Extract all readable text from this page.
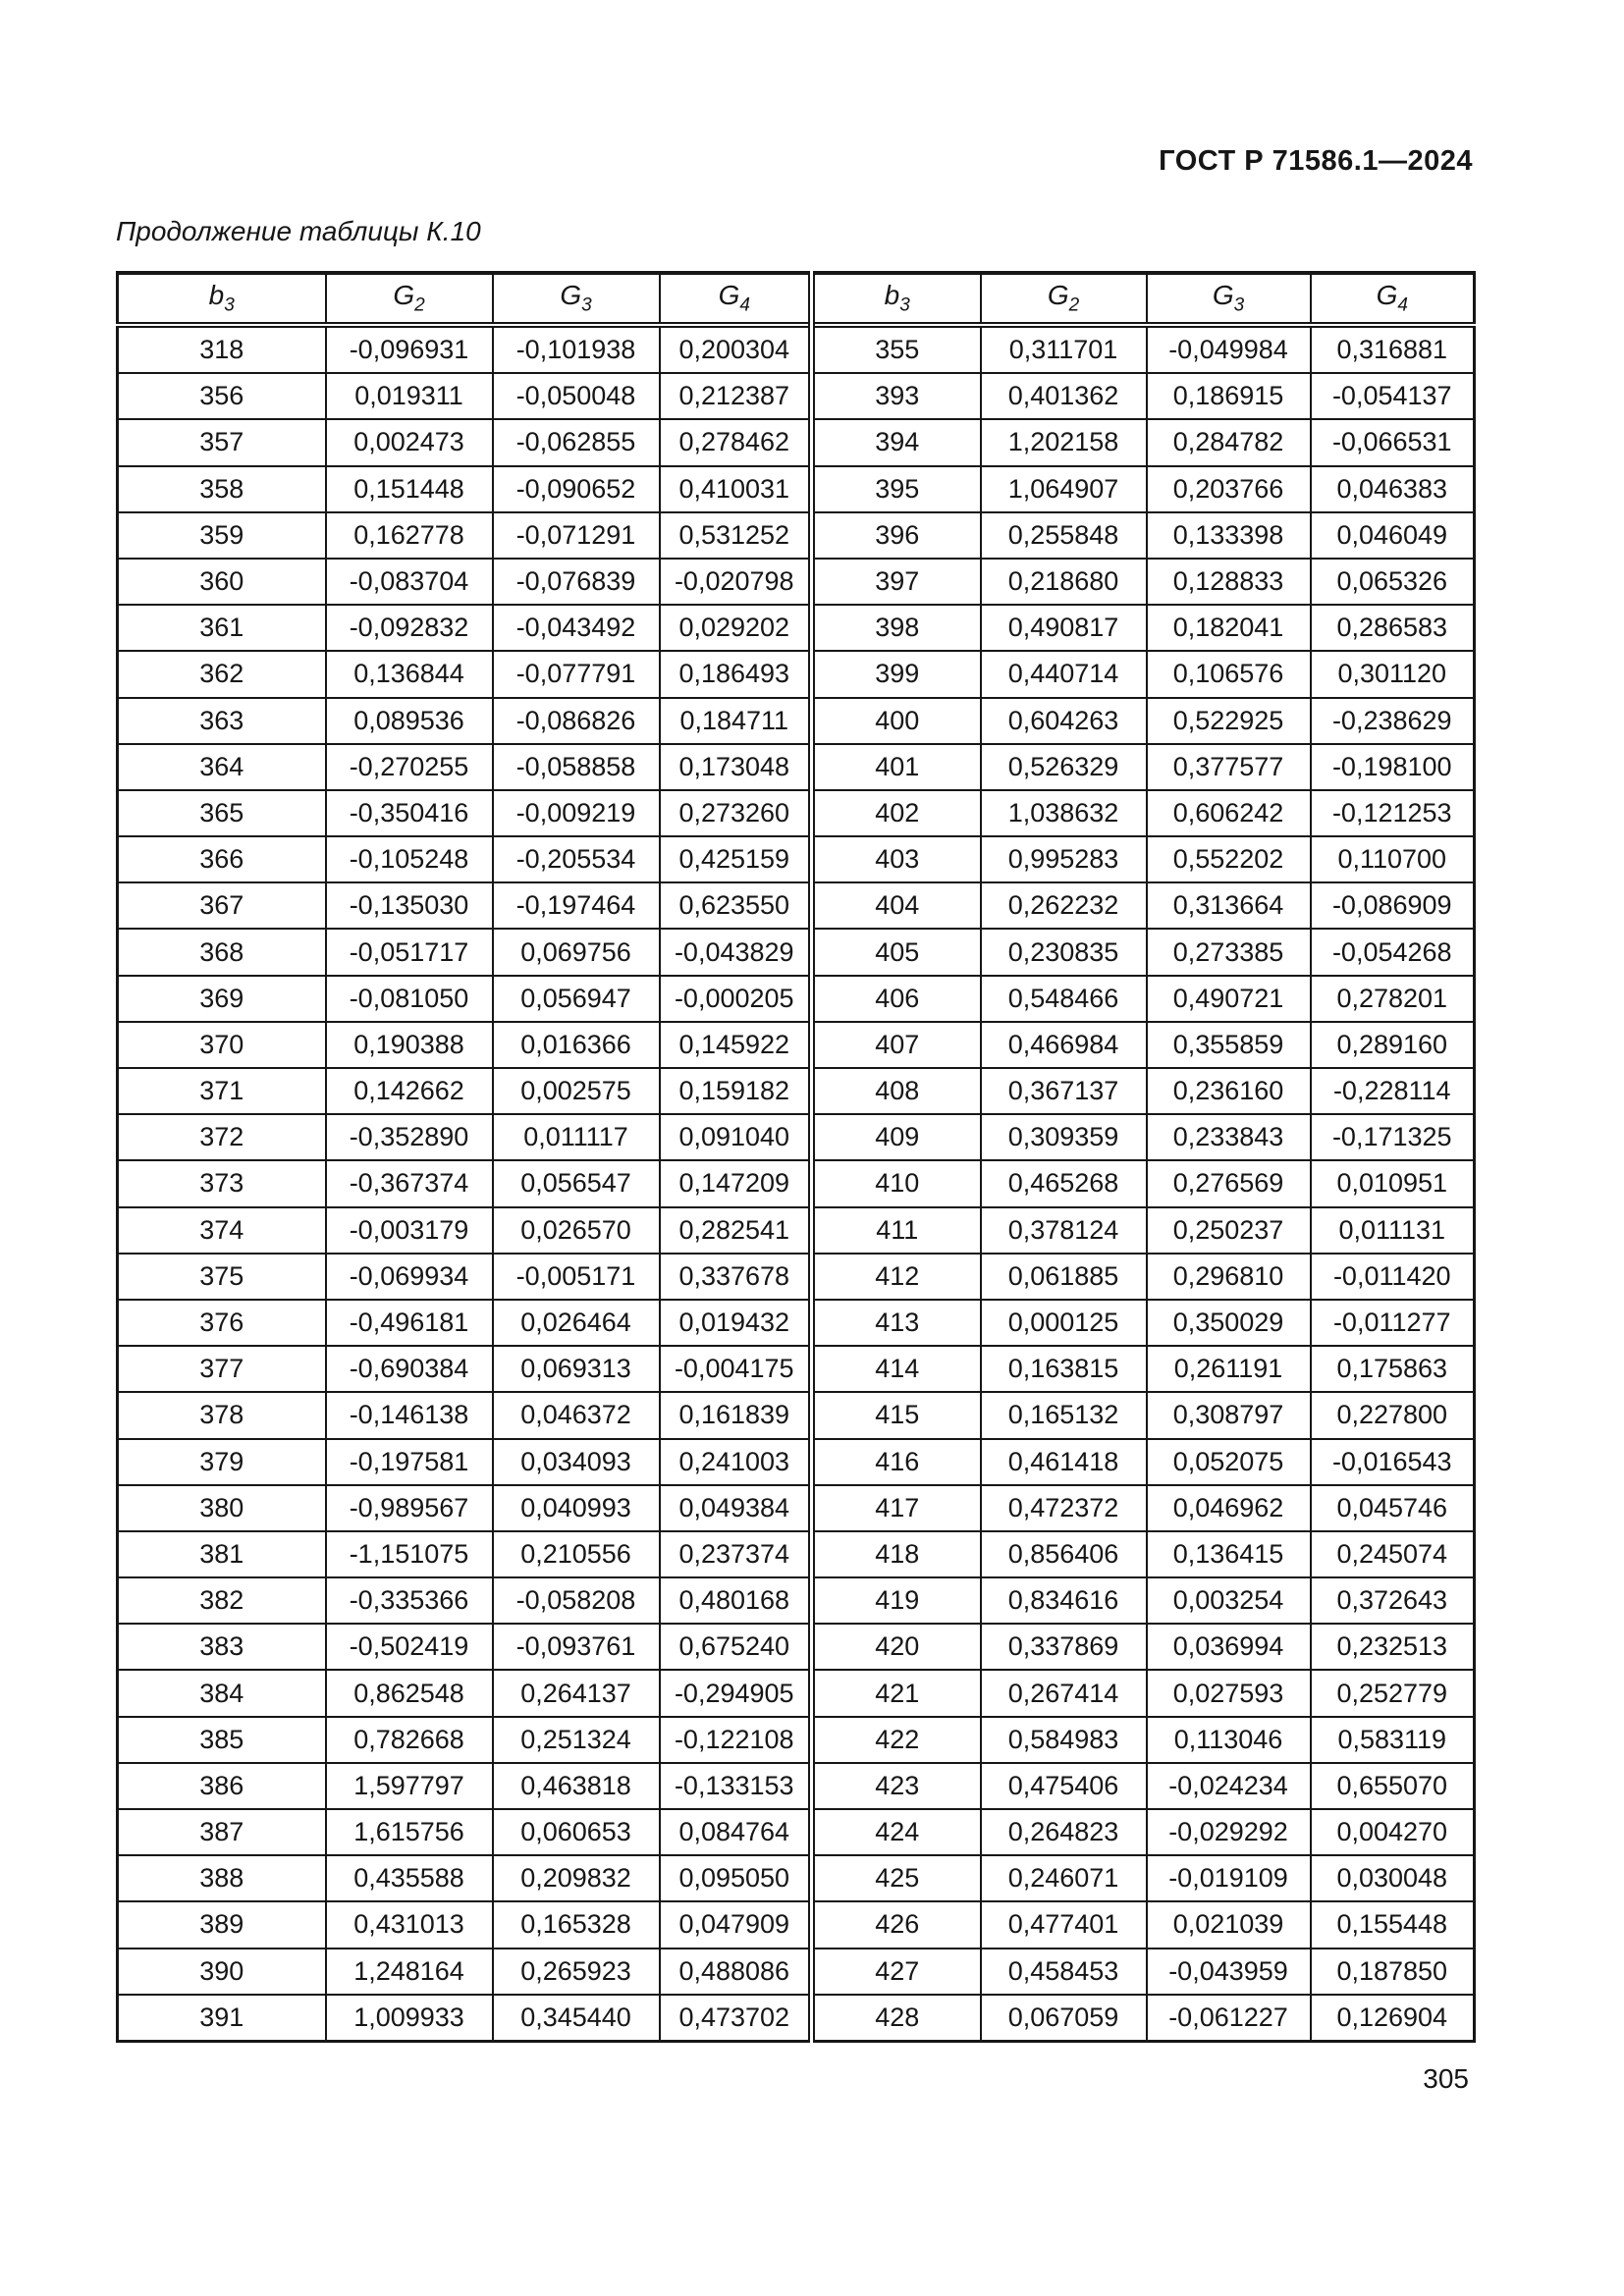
ГОСТ Р 71586.1—2024
Продолжение таблицы К.10
$b_3$	$G_2$	$G_3$	$G_4$	$b_3$	$G_2$	$G_3$	$G_4$
318	-0,096931	-0,101938	0,200304	355	0,311701	-0,049984	0,316881
356	0,019311	-0,050048	0,212387	393	0,401362	0,186915	-0,054137
357	0,002473	-0,062855	0,278462	394	1,202158	0,284782	-0,066531
358	0,151448	-0,090652	0,410031	395	1,064907	0,203766	0,046383
359	0,162778	-0,071291	0,531252	396	0,255848	0,133398	0,046049
360	-0,083704	-0,076839	-0,020798	397	0,218680	0,128833	0,065326
361	-0,092832	-0,043492	0,029202	398	0,490817	0,182041	0,286583
362	0,136844	-0,077791	0,186493	399	0,440714	0,106576	0,301120
363	0,089536	-0,086826	0,184711	400	0,604263	0,522925	-0,238629
364	-0,270255	-0,058858	0,173048	401	0,526329	0,377577	-0,198100
365	-0,350416	-0,009219	0,273260	402	1,038632	0,606242	-0,121253
366	-0,105248	-0,205534	0,425159	403	0,995283	0,552202	0,110700
367	-0,135030	-0,197464	0,623550	404	0,262232	0,313664	-0,086909
368	-0,051717	0,069756	-0,043829	405	0,230835	0,273385	-0,054268
369	-0,081050	0,056947	-0,000205	406	0,548466	0,490721	0,278201
370	0,190388	0,016366	0,145922	407	0,466984	0,355859	0,289160
371	0,142662	0,002575	0,159182	408	0,367137	0,236160	-0,228114
372	-0,352890	0,011117	0,091040	409	0,309359	0,233843	-0,171325
373	-0,367374	0,056547	0,147209	410	0,465268	0,276569	0,010951
374	-0,003179	0,026570	0,282541	411	0,378124	0,250237	0,011131
375	-0,069934	-0,005171	0,337678	412	0,061885	0,296810	-0,011420
376	-0,496181	0,026464	0,019432	413	0,000125	0,350029	-0,011277
377	-0,690384	0,069313	-0,004175	414	0,163815	0,261191	0,175863
378	-0,146138	0,046372	0,161839	415	0,165132	0,308797	0,227800
379	-0,197581	0,034093	0,241003	416	0,461418	0,052075	-0,016543
380	-0,989567	0,040993	0,049384	417	0,472372	0,046962	0,045746
381	-1,151075	0,210556	0,237374	418	0,856406	0,136415	0,245074
382	-0,335366	-0,058208	0,480168	419	0,834616	0,003254	0,372643
383	-0,502419	-0,093761	0,675240	420	0,337869	0,036994	0,232513
384	0,862548	0,264137	-0,294905	421	0,267414	0,027593	0,252779
385	0,782668	0,251324	-0,122108	422	0,584983	0,113046	0,583119
386	1,597797	0,463818	-0,133153	423	0,475406	-0,024234	0,655070
387	1,615756	0,060653	0,084764	424	0,264823	-0,029292	0,004270
388	0,435588	0,209832	0,095050	425	0,246071	-0,019109	0,030048
389	0,431013	0,165328	0,047909	426	0,477401	0,021039	0,155448
390	1,248164	0,265923	0,488086	427	0,458453	-0,043959	0,187850
391	1,009933	0,345440	0,473702	428	0,067059	-0,061227	0,126904
305
